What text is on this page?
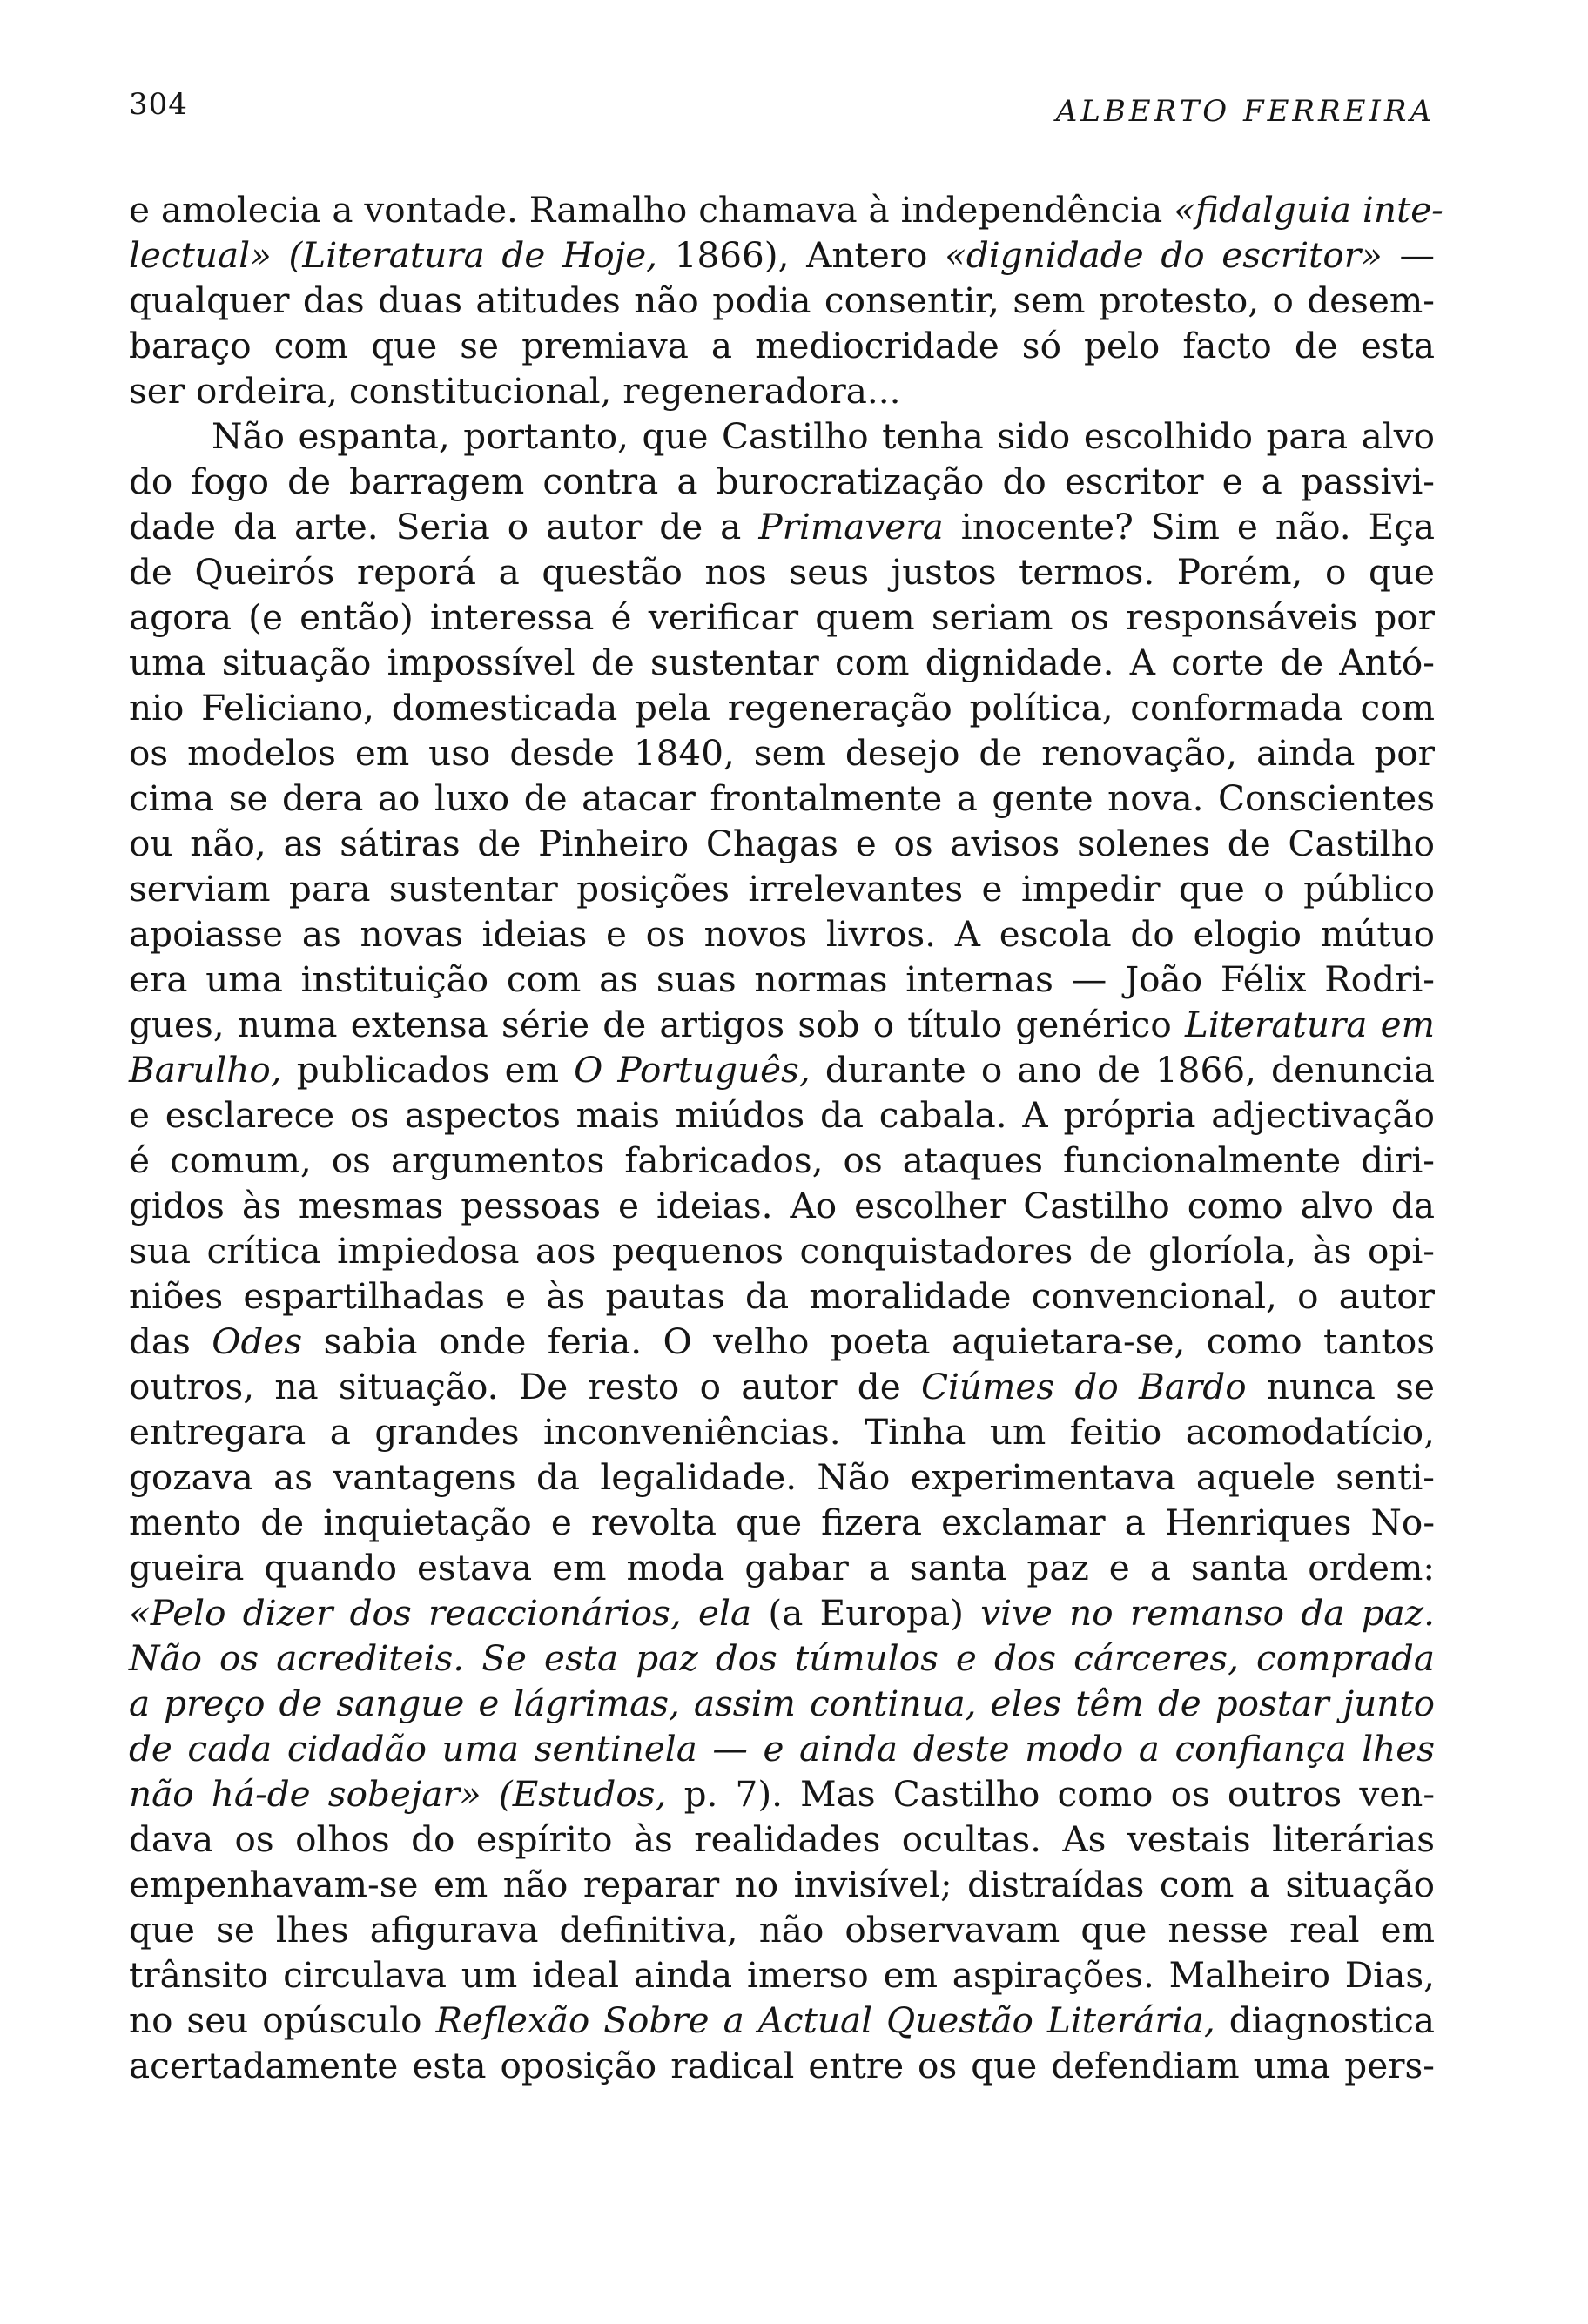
304	ALBERTO FERREIRA
e amolecia a vontade. Ramalho chamava à independência «fidalguia inte-
lectual» (Literatura de Hoje, 1866), Antero «dignidade do escritor» —
qualquer das duas atitudes não podia consentir, sem protesto, o desem-
baraço com que se premiava a mediocridade só pelo facto de esta
ser ordeira, constitucional, regeneradora...
Não espanta, portanto, que Castilho tenha sido escolhido para alvo
do fogo de barragem contra a burocratização do escritor e a passivi-
dade da arte. Seria o autor de a Primavera inocente? Sim e não. Eça
de Queirós reporá a questão nos seus justos termos. Porém, o que
agora (e então) interessa é verificar quem seriam os responsáveis por
uma situação impossível de sustentar com dignidade. A corte de Antó-
nio Feliciano, domesticada pela regeneração política, conformada com
os modelos em uso desde 1840, sem desejo de renovação, ainda por
cima se dera ao luxo de atacar frontalmente a gente nova. Conscientes
ou não, as sátiras de Pinheiro Chagas e os avisos solenes de Castilho
serviam para sustentar posições irrelevantes e impedir que o público
apoiasse as novas ideias e os novos livros. A escola do elogio mútuo
era uma instituição com as suas normas internas — João Félix Rodri-
gues, numa extensa série de artigos sob o título genérico Literatura em
Barulho, publicados em O Português, durante o ano de 1866, denuncia
e esclarece os aspectos mais miúdos da cabala. A própria adjectivação
é comum, os argumentos fabricados, os ataques funcionalmente diri-
gidos às mesmas pessoas e ideias. Ao escolher Castilho como alvo da
sua crítica impiedosa aos pequenos conquistadores de gloríola, às opi-
niões espartilhadas e às pautas da moralidade convencional, o autor
das Odes sabia onde feria. O velho poeta aquietara-se, como tantos
outros, na situação. De resto o autor de Ciúmes do Bardo nunca se
entregara a grandes inconveniências. Tinha um feitio acomodatício,
gozava as vantagens da legalidade. Não experimentava aquele senti-
mento de inquietação e revolta que fizera exclamar a Henriques No-
gueira quando estava em moda gabar a santa paz e a santa ordem:
«Pelo dizer dos reaccionários, ela (a Europa) vive no remanso da paz.
Não os acrediteis. Se esta paz dos túmulos e dos cárceres, comprada
a preço de sangue e lágrimas, assim continua, eles têm de postar junto
de cada cidadão uma sentinela — e ainda deste modo a confiança lhes
não há-de sobejar» (Estudos, p. 7). Mas Castilho como os outros ven-
dava os olhos do espírito às realidades ocultas. As vestais literárias
empenhavam-se em não reparar no invisível; distraídas com a situação
que se lhes afigurava definitiva, não observavam que nesse real em
trânsito circulava um ideal ainda imerso em aspirações. Malheiro Dias,
no seu opúsculo Reflexão Sobre a Actual Questão Literária, diagnostica
acertadamente esta oposição radical entre os que defendiam uma pers-
